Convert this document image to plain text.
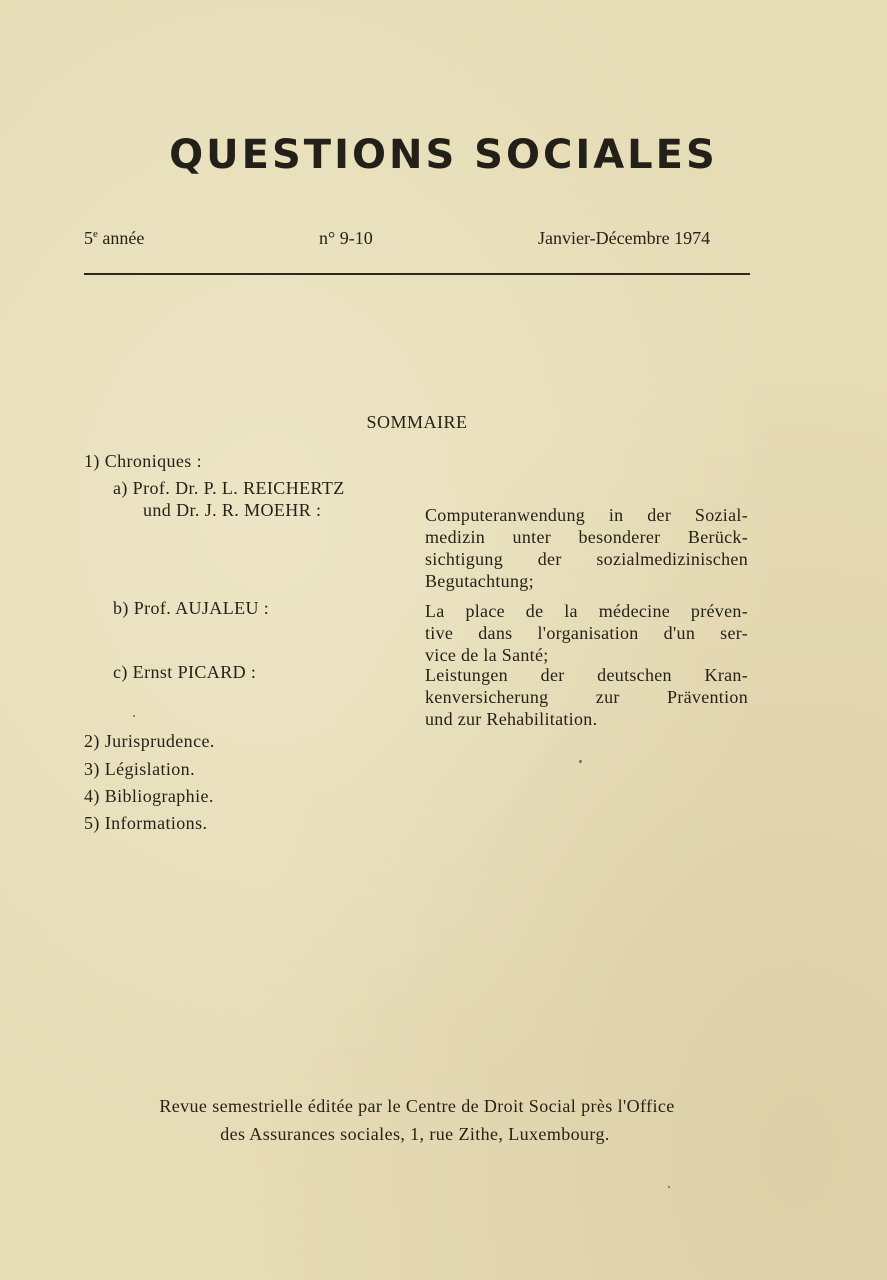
QUESTIONS SOCIALES
5e année	n° 9-10	Janvier-Décembre 1974
SOMMAIRE
1) Chroniques :
a) Prof. Dr. P. L. REICHERTZ
und Dr. J. R. MOEHR :	Computeranwendung in der Sozial-
medizin unter besonderer Berück-
sichtigung der sozialmedizinischen
Begutachtung;
b) Prof. AUJALEU :	La place de la médecine préven-
tive dans l'organisation d'un ser-
vice de la Santé;
c) Ernst PICARD :	Leistungen der deutschen Kran-
kenversicherung zur Prävention
und zur Rehabilitation.
2) Jurisprudence.
3) Législation.
4) Bibliographie.
5) Informations.
Revue semestrielle éditée par le Centre de Droit Social près l'Office
des Assurances sociales, 1, rue Zithe, Luxembourg.
